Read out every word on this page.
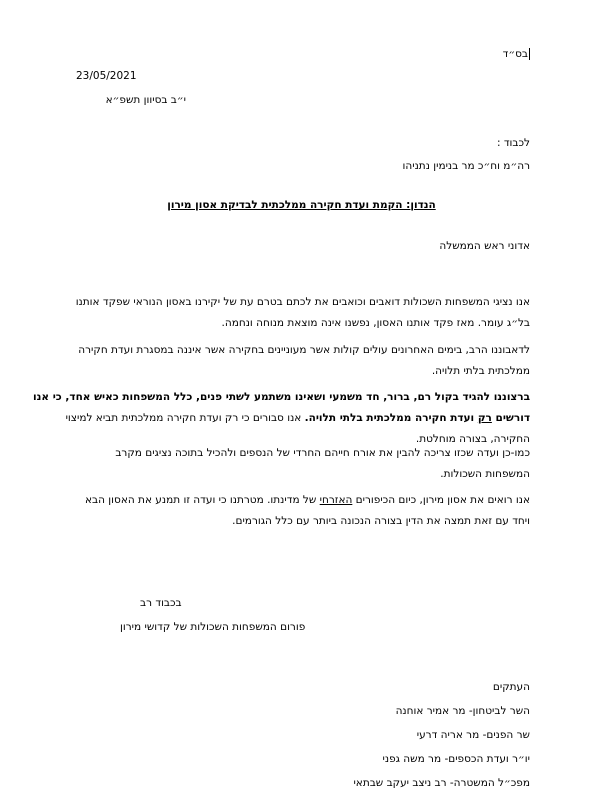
בס״ד
23/05/2021
י״ב בסיוון תשפ״א
לכבוד :
רה״מ וח״כ מר בנימין נתניהו
הנדון: הקמת ועדת חקירה ממלכתית לבדיקת אסון מירון
אדוני ראש הממשלה
אנו נציגי המשפחות השכולות דואבים וכואבים את לכתם בטרם עת של יקירנו באסון הנוראי שפקד אותנו
בל״ג עומר. מאז פקד אותנו האסון, נפשנו אינה מוצאת מנוחה ונחמה.
לדאבוננו הרב, בימים האחרונים עולים קולות אשר מעוניינים בחקירה אשר איננה במסגרת ועדת חקירה
ממלכתית בלתי תלויה.
ברצוננו להגיד בקול רם, ברור, חד משמעי ושאינו משתמע לשתי פנים, כלל המשפחות כאיש אחד, כי אנו
דורשים רק ועדת חקירה ממלכתית בלתי תלויה. אנו סבורים כי רק ועדת חקירה ממלכתית תביא למיצוי
החקירה, בצורה מוחלטת.
כמו-כן ועדה שכזו צריכה להבין את אורח חייהם החרדי של הנספים ולהכיל בתוכה נציגים מקרב
המשפחות השכולות.
אנו רואים את אסון מירון, כיום הכיפורים האזרחי של מדינתו. מטרתנו כי ועדה זו תמנע את האסון הבא
ויחד עם זאת תמצה את הדין בצורה הנכונה ביותר עם כלל הגורמים.
בכבוד רב
פורום המשפחות השכולות של קדושי מירון
העתקים
השר לביטחון- מר אמיר אוחנה
שר הפנים- מר אריה דרעי
יו״ר ועדת הכספים- מר משה גפני
מפכ״ל המשטרה- רב ניצב יעקב שבתאי
